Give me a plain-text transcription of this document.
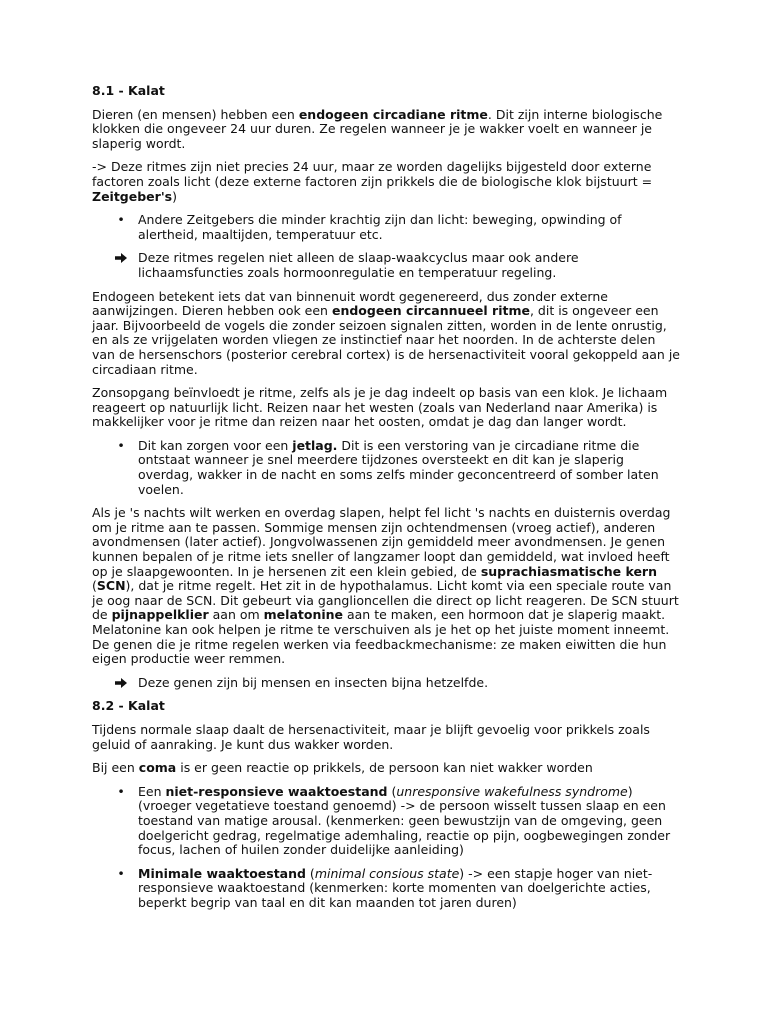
8.1 - Kalat

Dieren (en mensen) hebben een endogeen circadiane ritme. Dit zijn interne biologische klokken die ongeveer 24 uur duren. Ze regelen wanneer je je wakker voelt en wanneer je slaperig wordt.

-> Deze ritmes zijn niet precies 24 uur, maar ze worden dagelijks bijgesteld door externe factoren zoals licht (deze externe factoren zijn prikkels die de biologische klok bijstuurt = Zeitgeber's)

• Andere Zeitgebers die minder krachtig zijn dan licht: beweging, opwinding of alertheid, maaltijden, temperatuur etc.
Deze ritmes regelen niet alleen de slaap-waakcyclus maar ook andere lichaamsfuncties zoals hormoonregulatie en temperatuur regeling.

Endogeen betekent iets dat van binnenuit wordt gegenereerd, dus zonder externe aanwijzingen. Dieren hebben ook een endogeen circannueel ritme, dit is ongeveer een jaar. Bijvoorbeeld de vogels die zonder seizoen signalen zitten, worden in de lente onrustig, en als ze vrijgelaten worden vliegen ze instinctief naar het noorden. In de achterste delen van de hersenschors (posterior cerebral cortex) is de hersenactiviteit vooral gekoppeld aan je circadiaan ritme.

Zonsopgang beïnvloedt je ritme, zelfs als je je dag indeelt op basis van een klok. Je lichaam reageert op natuurlijk licht. Reizen naar het westen (zoals van Nederland naar Amerika) is makkelijker voor je ritme dan reizen naar het oosten, omdat je dag dan langer wordt.

• Dit kan zorgen voor een jetlag. Dit is een verstoring van je circadiane ritme die ontstaat wanneer je snel meerdere tijdzones oversteekt en dit kan je slaperig overdag, wakker in de nacht en soms zelfs minder geconcentreerd of somber laten voelen.

Als je 's nachts wilt werken en overdag slapen, helpt fel licht 's nachts en duisternis overdag om je ritme aan te passen. Sommige mensen zijn ochtendmensen (vroeg actief), anderen avondmensen (later actief). Jongvolwassenen zijn gemiddeld meer avondmensen. Je genen kunnen bepalen of je ritme iets sneller of langzamer loopt dan gemiddeld, wat invloed heeft op je slaapgewoonten. In je hersenen zit een klein gebied, de suprachiasmatische kern (SCN), dat je ritme regelt. Het zit in de hypothalamus. Licht komt via een speciale route van je oog naar de SCN. Dit gebeurt via ganglioncellen die direct op licht reageren. De SCN stuurt de pijnappelklier aan om melatonine aan te maken, een hormoon dat je slaperig maakt. Melatonine kan ook helpen je ritme te verschuiven als je het op het juiste moment inneemt. De genen die je ritme regelen werken via feedbackmechanisme: ze maken eiwitten die hun eigen productie weer remmen.

Deze genen zijn bij mensen en insecten bijna hetzelfde.
8.2 - Kalat

Tijdens normale slaap daalt de hersenactiviteit, maar je blijft gevoelig voor prikkels zoals geluid of aanraking. Je kunt dus wakker worden.

Bij een coma is er geen reactie op prikkels, de persoon kan niet wakker worden

• Een niet-responsieve waaktoestand (unresponsive wakefulness syndrome) (vroeger vegetatieve toestand genoemd) -> de persoon wisselt tussen slaap en een toestand van matige arousal. (kenmerken: geen bewustzijn van de omgeving, geen doelgericht gedrag, regelmatige ademhaling, reactie op pijn, oogbewegingen zonder focus, lachen of huilen zonder duidelijke aanleiding)
• Minimale waaktoestand (minimal consious state) -> een stapje hoger van niet-responsieve waaktoestand (kenmerken: korte momenten van doelgerichte acties, beperkt begrip van taal en dit kan maanden tot jaren duren)
